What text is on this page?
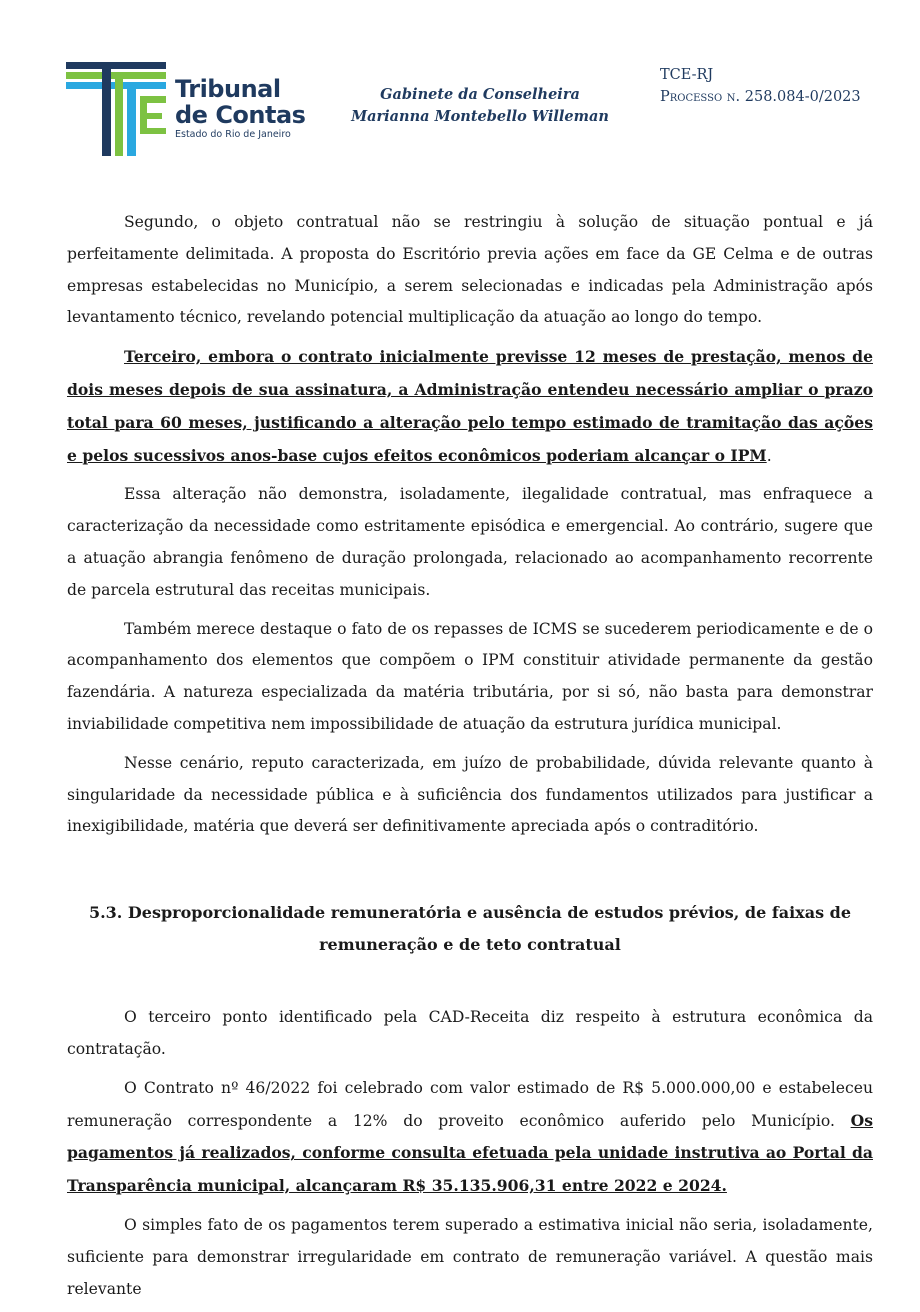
Tribunal
de Contas
Estado do Rio de Janeiro
Gabinete da Conselheira
Marianna Montebello Willeman
TCE-RJ
Processo n. 258.084-0/2023

Segundo, o objeto contratual não se restringiu à solução de situação pontual e já perfeitamente delimitada. A proposta do Escritório previa ações em face da GE Celma e de outras empresas estabelecidas no Município, a serem selecionadas e indicadas pela Administração após levantamento técnico, revelando potencial multiplicação da atuação ao longo do tempo.

Terceiro, embora o contrato inicialmente previsse 12 meses de prestação, menos de dois meses depois de sua assinatura, a Administração entendeu necessário ampliar o prazo total para 60 meses, justificando a alteração pelo tempo estimado de tramitação das ações e pelos sucessivos anos-base cujos efeitos econômicos poderiam alcançar o IPM.

Essa alteração não demonstra, isoladamente, ilegalidade contratual, mas enfraquece a caracterização da necessidade como estritamente episódica e emergencial. Ao contrário, sugere que a atuação abrangia fenômeno de duração prolongada, relacionado ao acompanhamento recorrente de parcela estrutural das receitas municipais.

Também merece destaque o fato de os repasses de ICMS se sucederem periodicamente e de o acompanhamento dos elementos que compõem o IPM constituir atividade permanente da gestão fazendária. A natureza especializada da matéria tributária, por si só, não basta para demonstrar inviabilidade competitiva nem impossibilidade de atuação da estrutura jurídica municipal.

Nesse cenário, reputo caracterizada, em juízo de probabilidade, dúvida relevante quanto à singularidade da necessidade pública e à suficiência dos fundamentos utilizados para justificar a inexigibilidade, matéria que deverá ser definitivamente apreciada após o contraditório.

5.3. Desproporcionalidade remuneratória e ausência de estudos prévios, de faixas de
remuneração e de teto contratual

O terceiro ponto identificado pela CAD-Receita diz respeito à estrutura econômica da contratação.

O Contrato nº 46/2022 foi celebrado com valor estimado de R$ 5.000.000,00 e estabeleceu remuneração correspondente a 12% do proveito econômico auferido pelo Município. Os pagamentos já realizados, conforme consulta efetuada pela unidade instrutiva ao Portal da Transparência municipal, alcançaram R$ 35.135.906,31 entre 2022 e 2024.

O simples fato de os pagamentos terem superado a estimativa inicial não seria, isoladamente, suficiente para demonstrar irregularidade em contrato de remuneração variável. A questão mais relevante
